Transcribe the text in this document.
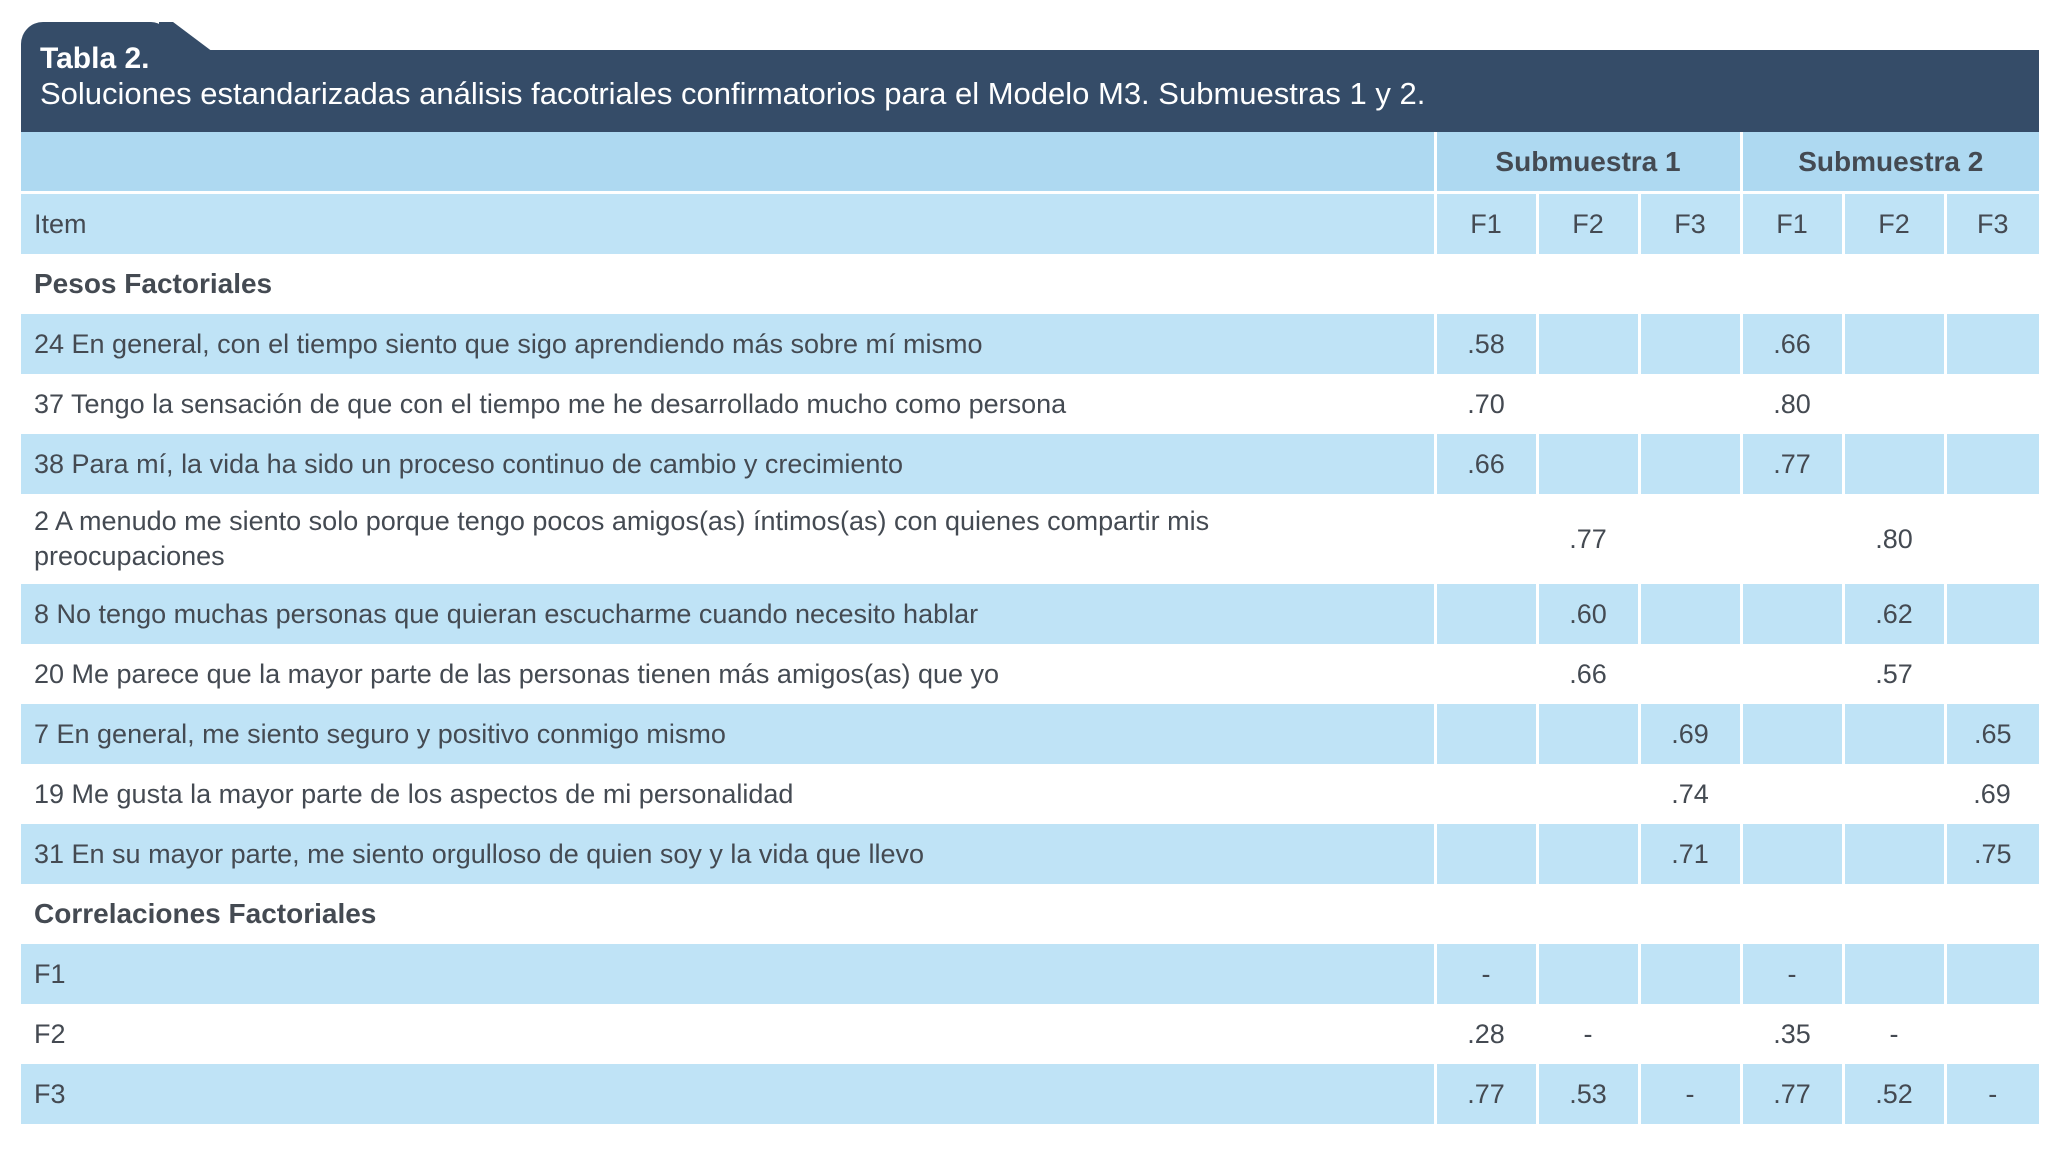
Tabla 2.
Soluciones estandarizadas análisis facotriales confirmatorios para el Modelo M3. Submuestras 1 y 2.
	Submuestra 1			Submuestra 2		
Item	F1	F2	F3	F1	F2	F3
Pesos Factoriales						

24 En general, con el tiempo siento que sigo aprendiendo más sobre mí mismo	.58			.66		

37 Tengo la sensación de que con el tiempo me he desarrollado mucho como persona	.70			.80		

38 Para mí, la vida ha sido un proceso continuo de cambio y crecimiento	.66			.77		

2 A menudo me siento solo porque tengo pocos amigos(as) íntimos(as) con quienes compartir mis preocupaciones		.77			.80	

8 No tengo muchas personas que quieran escucharme cuando necesito hablar		.60			.62	

20 Me parece que la mayor parte de las personas tienen más amigos(as) que yo		.66			.57	

7 En general, me siento seguro y positivo conmigo mismo			.69			.65

19 Me gusta la mayor parte de los aspectos de mi personalidad			.74			.69

31 En su mayor parte, me siento orgulloso de quien soy y la vida que llevo			.71			.75
Correlaciones Factoriales						

F1	-			-		

F2	.28	-		.35	-	

F3	.77	.53	-	.77	.52	-
